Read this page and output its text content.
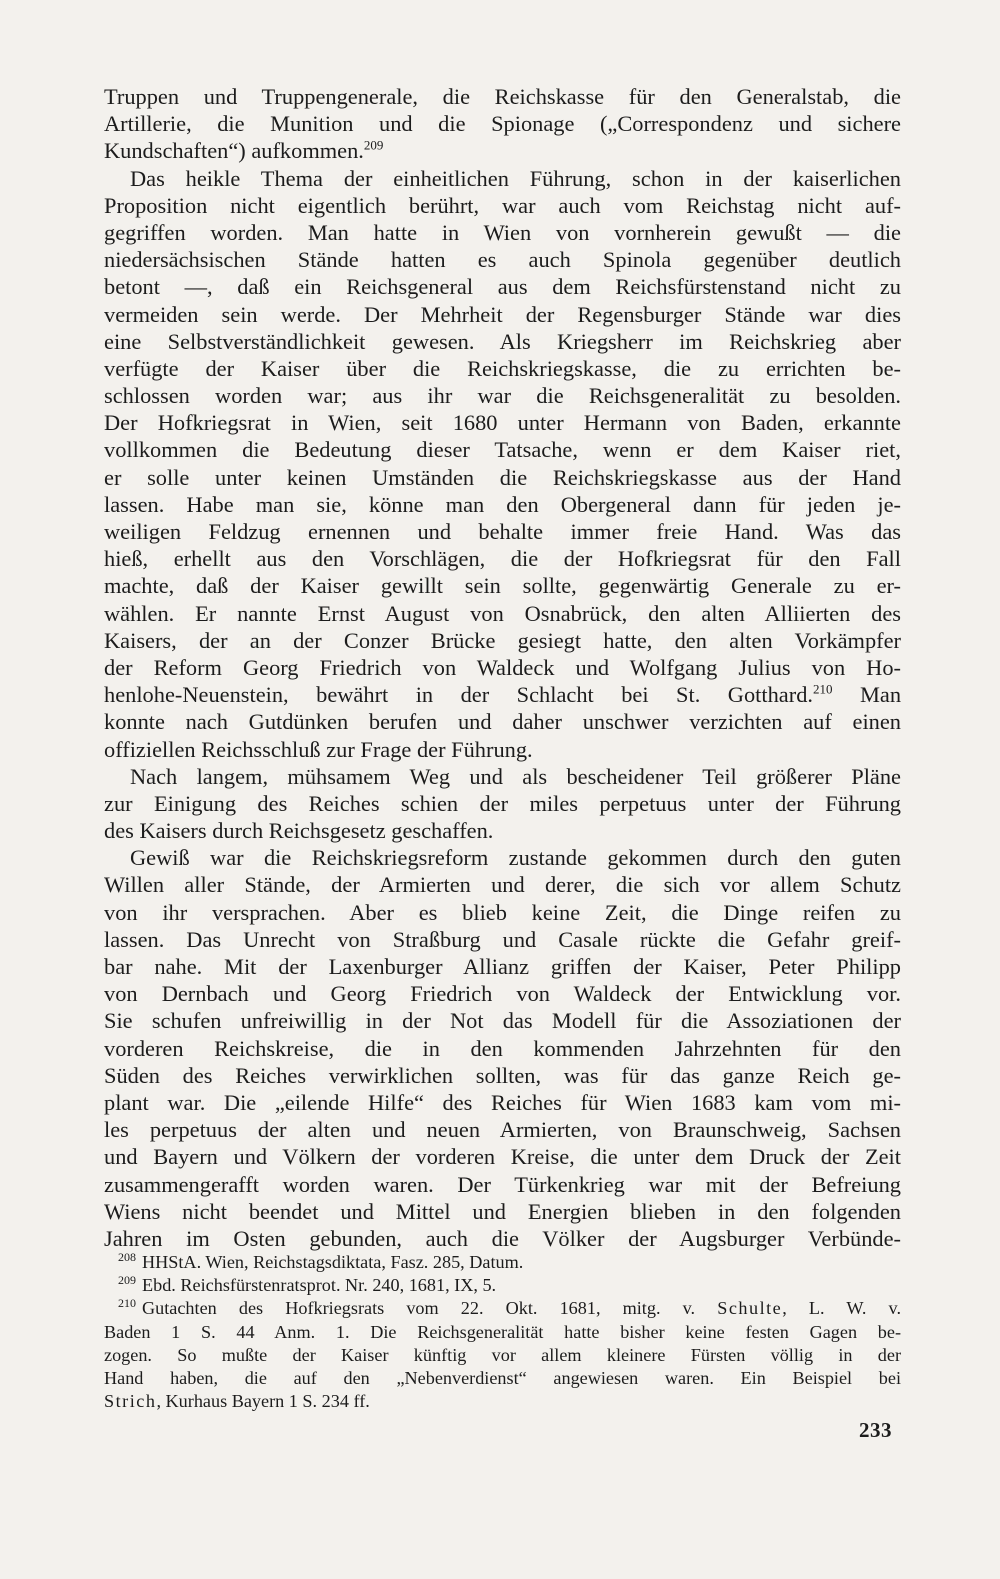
Truppen und Truppengenerale, die Reichskasse für den Generalstab, die
Artillerie, die Munition und die Spionage („Correspondenz und sichere
Kundschaften“) aufkommen.$^{209}$
Das heikle Thema der einheitlichen Führung, schon in der kaiserlichen
Proposition nicht eigentlich berührt, war auch vom Reichstag nicht auf-
gegriffen worden. Man hatte in Wien von vornherein gewußt — die
niedersächsischen Stände hatten es auch Spinola gegenüber deutlich
betont —, daß ein Reichsgeneral aus dem Reichsfürstenstand nicht zu
vermeiden sein werde. Der Mehrheit der Regensburger Stände war dies
eine Selbstverständlichkeit gewesen. Als Kriegsherr im Reichskrieg aber
verfügte der Kaiser über die Reichskriegskasse, die zu errichten be-
schlossen worden war; aus ihr war die Reichsgeneralität zu besolden.
Der Hofkriegsrat in Wien, seit 1680 unter Hermann von Baden, erkannte
vollkommen die Bedeutung dieser Tatsache, wenn er dem Kaiser riet,
er solle unter keinen Umständen die Reichskriegskasse aus der Hand
lassen. Habe man sie, könne man den Obergeneral dann für jeden je-
weiligen Feldzug ernennen und behalte immer freie Hand. Was das
hieß, erhellt aus den Vorschlägen, die der Hofkriegsrat für den Fall
machte, daß der Kaiser gewillt sein sollte, gegenwärtig Generale zu er-
wählen. Er nannte Ernst August von Osnabrück, den alten Alliierten des
Kaisers, der an der Conzer Brücke gesiegt hatte, den alten Vorkämpfer
der Reform Georg Friedrich von Waldeck und Wolfgang Julius von Ho-
henlohe-Neuenstein, bewährt in der Schlacht bei St. Gotthard.$^{210}$ Man
konnte nach Gutdünken berufen und daher unschwer verzichten auf einen
offiziellen Reichsschluß zur Frage der Führung.
Nach langem, mühsamem Weg und als bescheidener Teil größerer Pläne
zur Einigung des Reiches schien der miles perpetuus unter der Führung
des Kaisers durch Reichsgesetz geschaffen.
Gewiß war die Reichskriegsreform zustande gekommen durch den guten
Willen aller Stände, der Armierten und derer, die sich vor allem Schutz
von ihr versprachen. Aber es blieb keine Zeit, die Dinge reifen zu
lassen. Das Unrecht von Straßburg und Casale rückte die Gefahr greif-
bar nahe. Mit der Laxenburger Allianz griffen der Kaiser, Peter Philipp
von Dernbach und Georg Friedrich von Waldeck der Entwicklung vor.
Sie schufen unfreiwillig in der Not das Modell für die Assoziationen der
vorderen Reichskreise, die in den kommenden Jahrzehnten für den
Süden des Reiches verwirklichen sollten, was für das ganze Reich ge-
plant war. Die „eilende Hilfe“ des Reiches für Wien 1683 kam vom mi-
les perpetuus der alten und neuen Armierten, von Braunschweig, Sachsen
und Bayern und Völkern der vorderen Kreise, die unter dem Druck der Zeit
zusammengerafft worden waren. Der Türkenkrieg war mit der Befreiung
Wiens nicht beendet und Mittel und Energien blieben in den folgenden
Jahren im Osten gebunden, auch die Völker der Augsburger Verbünde-
$^{208}$ HHStA. Wien, Reichstagsdiktata, Fasz. 285, Datum.
$^{209}$ Ebd. Reichsfürstenratsprot. Nr. 240, 1681, IX, 5.
$^{210}$ Gutachten des Hofkriegsrats vom 22. Okt. 1681, mitg. v. Schulte, L. W. v.
Baden 1 S. 44 Anm. 1. Die Reichsgeneralität hatte bisher keine festen Gagen be-
zogen. So mußte der Kaiser künftig vor allem kleinere Fürsten völlig in der
Hand haben, die auf den „Nebenverdienst“ angewiesen waren. Ein Beispiel bei
Strich, Kurhaus Bayern 1 S. 234 ff.
233
